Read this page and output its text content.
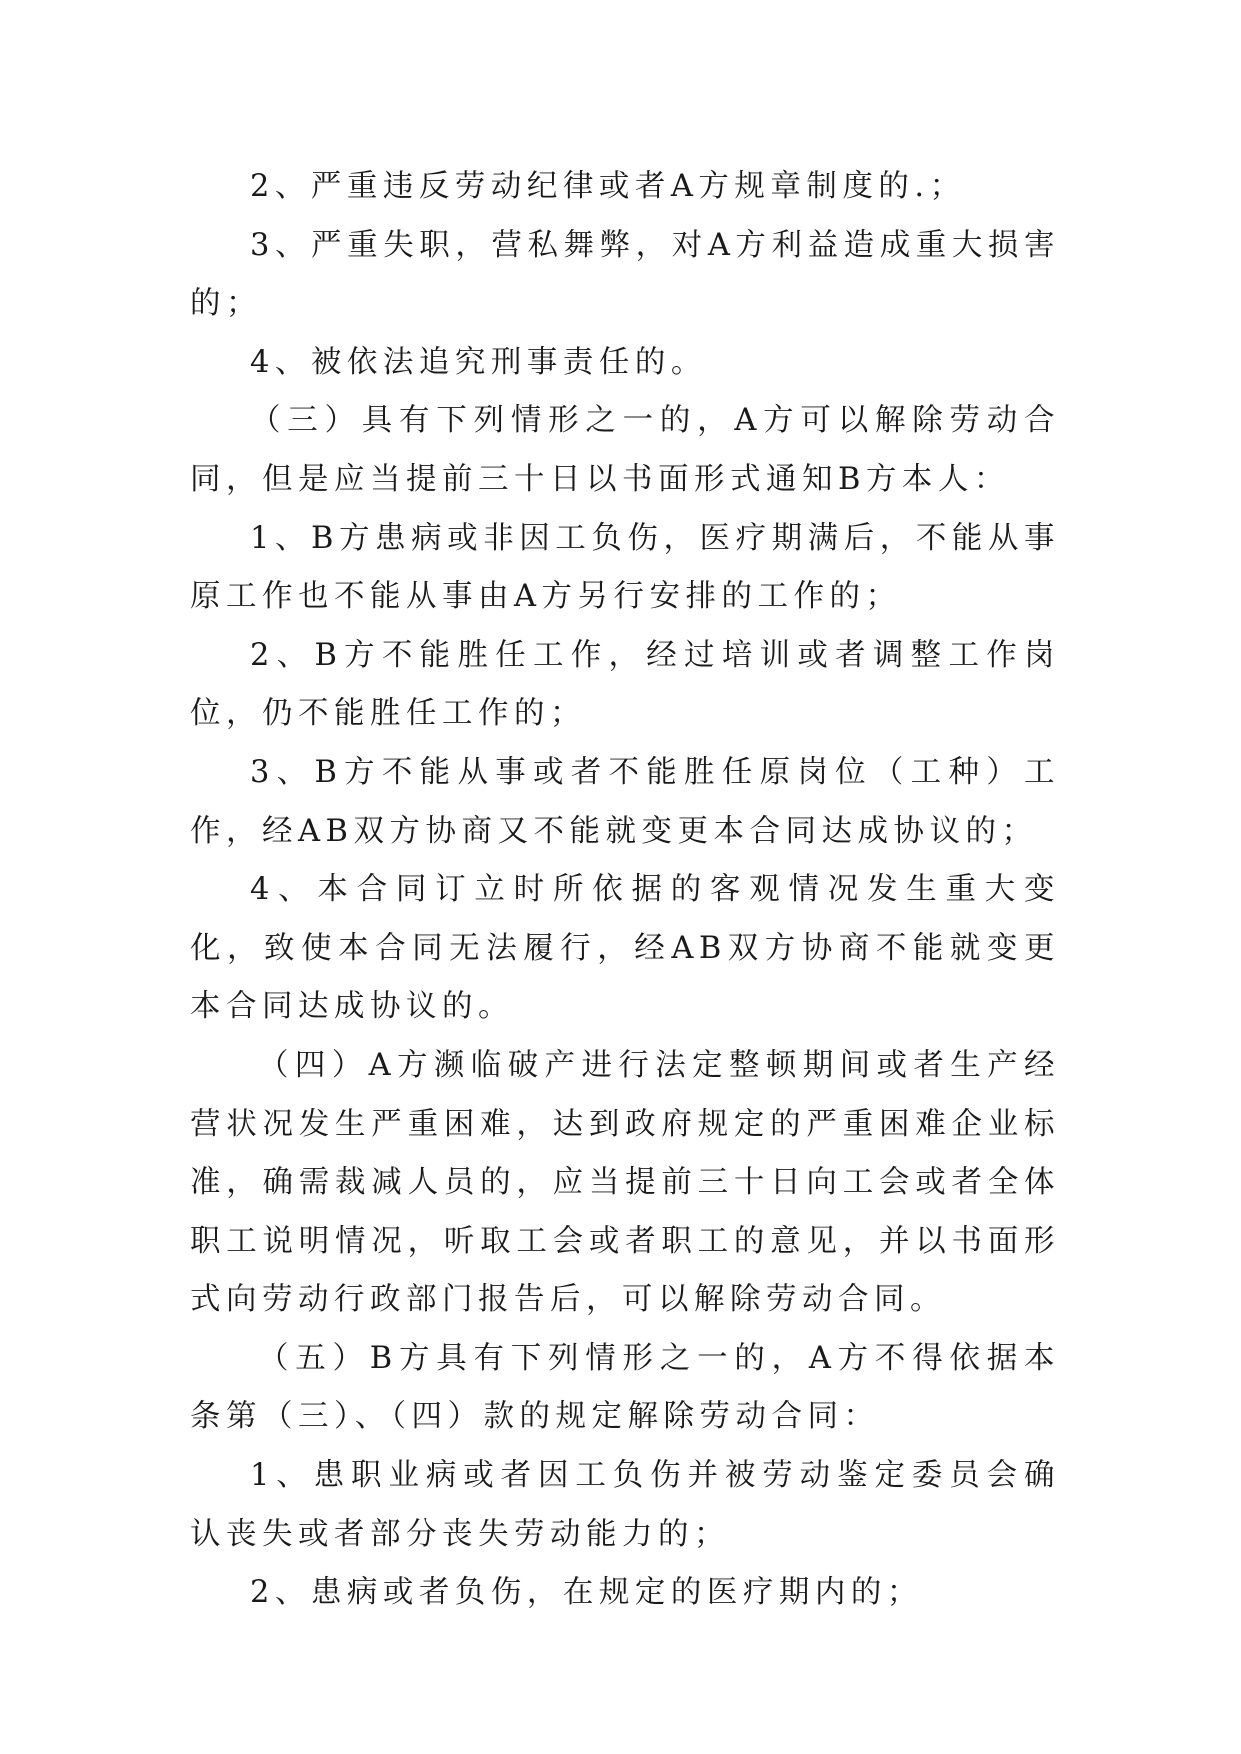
2、严重违反劳动纪律或者A方规章制度的.；

3、严重失职，营私舞弊，对A方利益造成重大损害的；

4、被依法追究刑事责任的。

（三）具有下列情形之一的，A方可以解除劳动合同，但是应当提前三十日以书面形式通知B方本人：

1、B方患病或非因工负伤，医疗期满后，不能从事原工作也不能从事由A方另行安排的工作的；

2、B方不能胜任工作，经过培训或者调整工作岗位，仍不能胜任工作的；

3、B方不能从事或者不能胜任原岗位（工种）工作，经AB双方协商又不能就变更本合同达成协议的；

4、本合同订立时所依据的客观情况发生重大变化，致使本合同无法履行，经AB双方协商不能就变更本合同达成协议的。

（四）A方濒临破产进行法定整顿期间或者生产经营状况发生严重困难，达到政府规定的严重困难企业标准，确需裁减人员的，应当提前三十日向工会或者全体职工说明情况，听取工会或者职工的意见，并以书面形式向劳动行政部门报告后，可以解除劳动合同。

（五）B方具有下列情形之一的，A方不得依据本条第（三）、（四）款的规定解除劳动合同：

1、患职业病或者因工负伤并被劳动鉴定委员会确认丧失或者部分丧失劳动能力的；

2、患病或者负伤，在规定的医疗期内的；
